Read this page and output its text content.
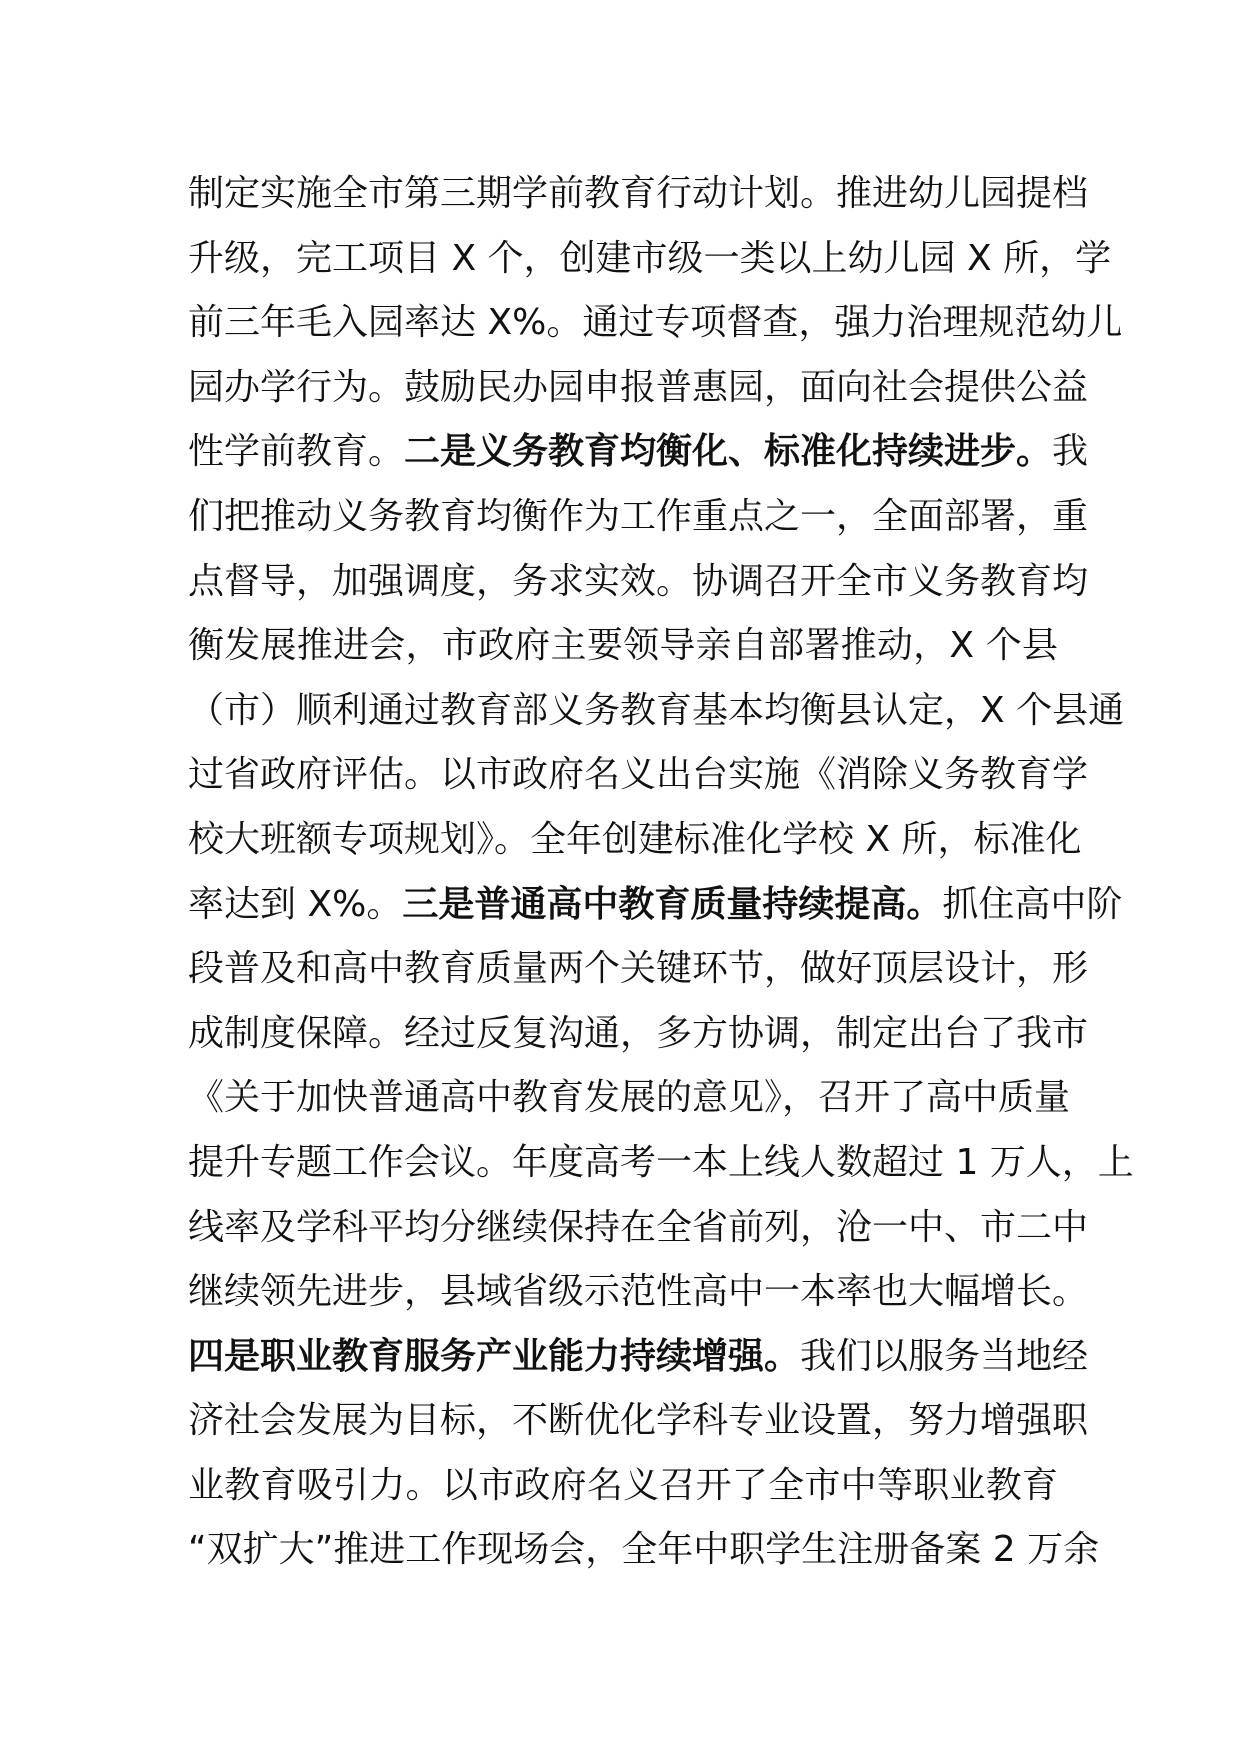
制定实施全市第三期学前教育行动计划。推进幼儿园提档
升级，完工项目 X 个，创建市级一类以上幼儿园 X 所，学
前三年毛入园率达 X%。通过专项督查，强力治理规范幼儿
园办学行为。鼓励民办园申报普惠园，面向社会提供公益
性学前教育。二是义务教育均衡化、标准化持续进步。我
们把推动义务教育均衡作为工作重点之一，全面部署，重
点督导，加强调度，务求实效。协调召开全市义务教育均
衡发展推进会，市政府主要领导亲自部署推动，X 个县
（市）顺利通过教育部义务教育基本均衡县认定，X 个县通
过省政府评估。以市政府名义出台实施《消除义务教育学
校大班额专项规划》。全年创建标准化学校 X 所，标准化
率达到 X%。三是普通高中教育质量持续提高。抓住高中阶
段普及和高中教育质量两个关键环节，做好顶层设计，形
成制度保障。经过反复沟通，多方协调，制定出台了我市
《关于加快普通高中教育发展的意见》，召开了高中质量
提升专题工作会议。年度高考一本上线人数超过 1 万人，上
线率及学科平均分继续保持在全省前列，沧一中、市二中
继续领先进步，县域省级示范性高中一本率也大幅增长。
四是职业教育服务产业能力持续增强。我们以服务当地经
济社会发展为目标，不断优化学科专业设置，努力增强职
业教育吸引力。以市政府名义召开了全市中等职业教育
“双扩大”推进工作现场会，全年中职学生注册备案 2 万余
